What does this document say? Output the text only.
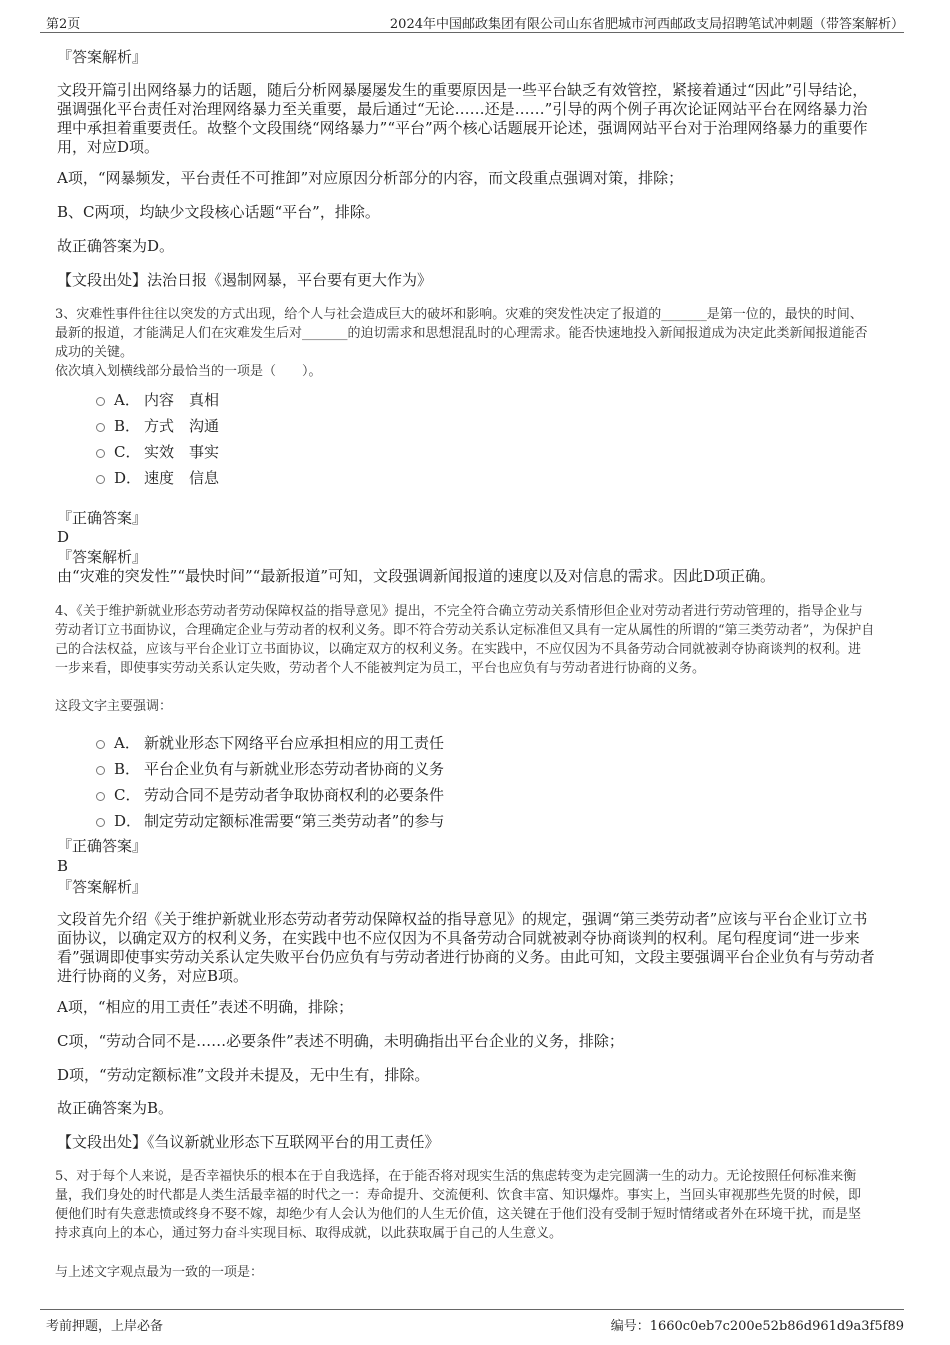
第2页	2024年中国邮政集团有限公司山东省肥城市河西邮政支局招聘笔试冲刺题（带答案解析）
『答案解析』
文段开篇引出网络暴力的话题，随后分析网暴屡屡发生的重要原因是一些平台缺乏有效管控，紧接着通过“因此”引导结论，
强调强化平台责任对治理网络暴力至关重要，最后通过“无论……还是……”引导的两个例子再次论证网站平台在网络暴力治
理中承担着重要责任。故整个文段围绕“网络暴力”“平台”两个核心话题展开论述，强调网站平台对于治理网络暴力的重要作
用，对应D项。
A项，“网暴频发，平台责任不可推卸”对应原因分析部分的内容，而文段重点强调对策，排除；
B、C两项，均缺少文段核心话题“平台”，排除。
故正确答案为D。
【文段出处】法治日报《遏制网暴，平台要有更大作为》
3、灾难性事件往往以突发的方式出现，给个人与社会造成巨大的破坏和影响。灾难的突发性决定了报道的_______是第一位的，最快的时间、
最新的报道，才能满足人们在灾难发生后对_______的迫切需求和思想混乱时的心理需求。能否快速地投入新闻报道成为决定此类新闻报道能否
成功的关键。
依次填入划横线部分最恰当的一项是（　　）。
A． 内容　真相
B． 方式　沟通
C． 实效　事实
D． 速度　信息
『正确答案』
D
『答案解析』
由“灾难的突发性”“最快时间”“最新报道”可知，文段强调新闻报道的速度以及对信息的需求。因此D项正确。
4、《关于维护新就业形态劳动者劳动保障权益的指导意见》提出，不完全符合确立劳动关系情形但企业对劳动者进行劳动管理的，指导企业与
劳动者订立书面协议，合理确定企业与劳动者的权利义务。即不符合劳动关系认定标准但又具有一定从属性的所谓的“第三类劳动者”，为保护自
己的合法权益，应该与平台企业订立书面协议，以确定双方的权利义务。在实践中，不应仅因为不具备劳动合同就被剥夺协商谈判的权利。进
一步来看，即使事实劳动关系认定失败，劳动者个人不能被判定为员工，平台也应负有与劳动者进行协商的义务。
这段文字主要强调：
A． 新就业形态下网络平台应承担相应的用工责任
B． 平台企业负有与新就业形态劳动者协商的义务
C． 劳动合同不是劳动者争取协商权利的必要条件
D． 制定劳动定额标准需要“第三类劳动者”的参与
『正确答案』
B
『答案解析』
文段首先介绍《关于维护新就业形态劳动者劳动保障权益的指导意见》的规定，强调“第三类劳动者”应该与平台企业订立书
面协议，以确定双方的权利义务，在实践中也不应仅因为不具备劳动合同就被剥夺协商谈判的权利。尾句程度词“进一步来
看”强调即使事实劳动关系认定失败平台仍应负有与劳动者进行协商的义务。由此可知，文段主要强调平台企业负有与劳动者
进行协商的义务，对应B项。
A项，“相应的用工责任”表述不明确，排除；
C项，“劳动合同不是……必要条件”表述不明确，未明确指出平台企业的义务，排除；
D项，“劳动定额标准”文段并未提及，无中生有，排除。
故正确答案为B。
【文段出处】《刍议新就业形态下互联网平台的用工责任》
5、对于每个人来说，是否幸福快乐的根本在于自我选择，在于能否将对现实生活的焦虑转变为走完圆满一生的动力。无论按照任何标准来衡
量，我们身处的时代都是人类生活最幸福的时代之一：寿命提升、交流便利、饮食丰富、知识爆炸。事实上，当回头审视那些先贤的时候，即
便他们时有失意悲愤或终身不娶不嫁，却绝少有人会认为他们的人生无价值，这关键在于他们没有受制于短时情绪或者外在环境干扰，而是坚
持求真向上的本心，通过努力奋斗实现目标、取得成就，以此获取属于自己的人生意义。
与上述文字观点最为一致的一项是：
考前押题，上岸必备	编号：1660c0eb7c200e52b86d961d9a3f5f89
